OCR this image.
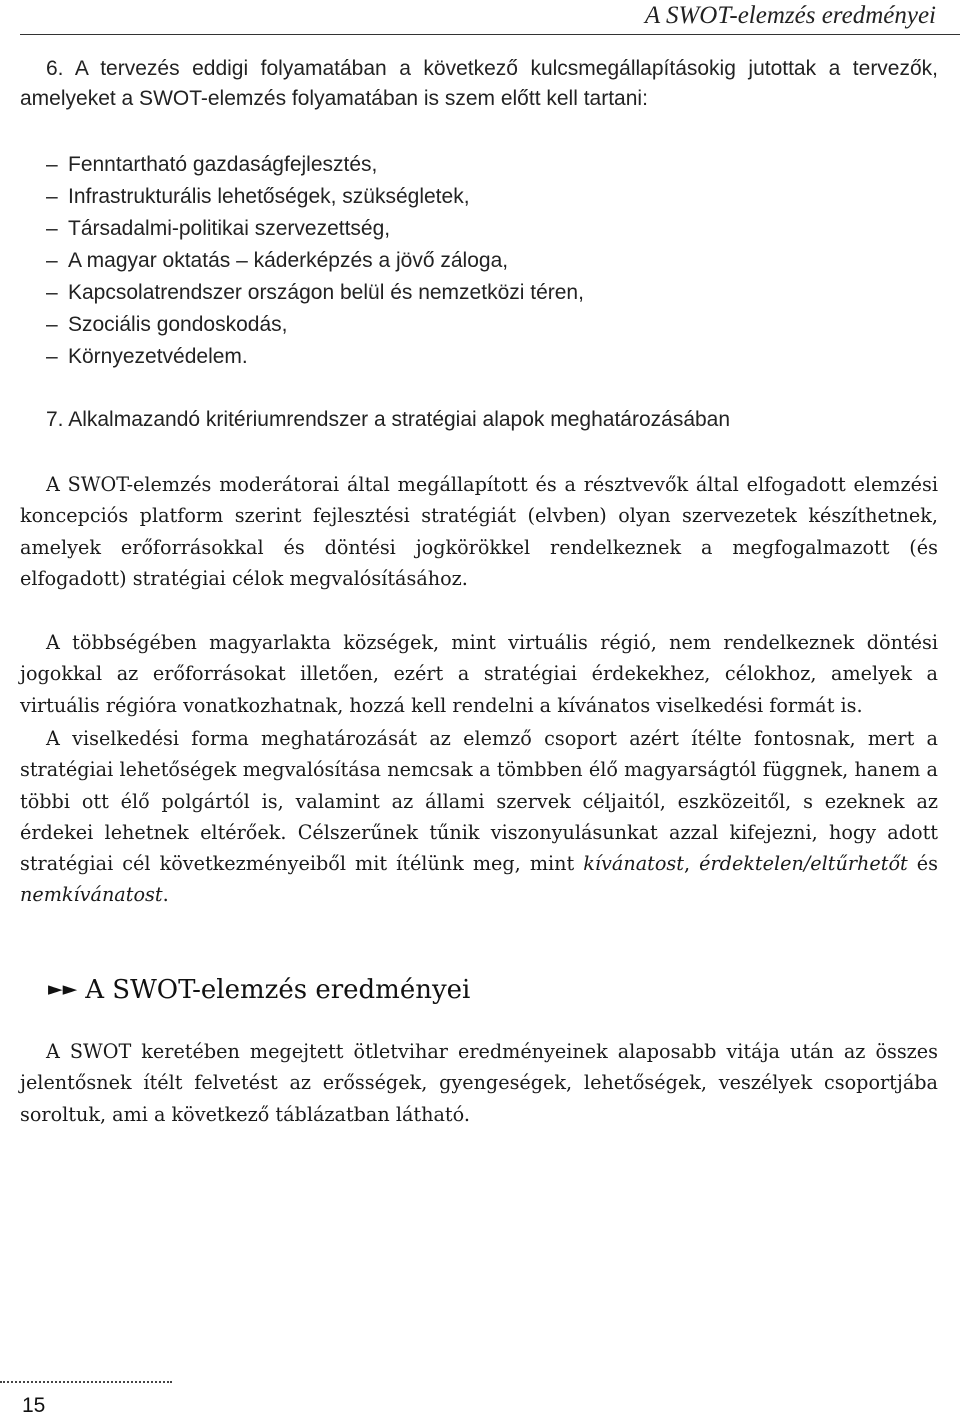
A SWOT-elemzés eredményei

6. A tervezés eddigi folyamatában a következő kulcsmegállapításokig jutottak a tervezők, amelyeket a SWOT-elemzés folyamatában is szem előtt kell tartani:

– Fenntartható gazdaságfejlesztés,
– Infrastrukturális lehetőségek, szükségletek,
– Társadalmi-politikai szervezettség,
– A magyar oktatás – káderképzés a jövő záloga,
– Kapcsolatrendszer országon belül és nemzetközi téren,
– Szociális gondoskodás,
– Környezetvédelem.
7. Alkalmazandó kritériumrendszer a stratégiai alapok meghatározásában

A SWOT-elemzés moderátorai által megállapított és a résztvevők által elfogadott elemzési koncepciós platform szerint fejlesztési stratégiát (elvben) olyan szervezetek készíthetnek, amelyek erőforrásokkal és döntési jogkörökkel rendelkeznek a megfogalmazott (és elfogadott) stratégiai célok megvalósításához.

A többségében magyarlakta községek, mint virtuális régió, nem rendelkeznek döntési jogokkal az erőforrásokat illetően, ezért a stratégiai érdekekhez, célokhoz, amelyek a virtuális régióra vonatkozhatnak, hozzá kell rendelni a kívánatos viselkedési formát is.

A viselkedési forma meghatározását az elemző csoport azért ítélte fontosnak, mert a stratégiai lehetőségek megvalósítása nemcsak a tömbben élő magyarságtól függnek, hanem a többi ott élő polgártól is, valamint az állami szervek céljaitól, eszközeitől, s ezeknek az érdekei lehetnek eltérőek. Célszerűnek tűnik viszonyulásunkat azzal kifejezni, hogy adott stratégiai cél következményeiből mit ítélünk meg, mint kívánatost, érdektelen/eltűrhetőt és nemkívánatost.

►► A SWOT-elemzés eredményei

A SWOT keretében megejtett ötletvihar eredményeinek alaposabb vitája után az összes jelentősnek ítélt felvetést az erősségek, gyengeségek, lehetőségek, veszélyek csoportjába soroltuk, ami a következő táblázatban látható.

15
